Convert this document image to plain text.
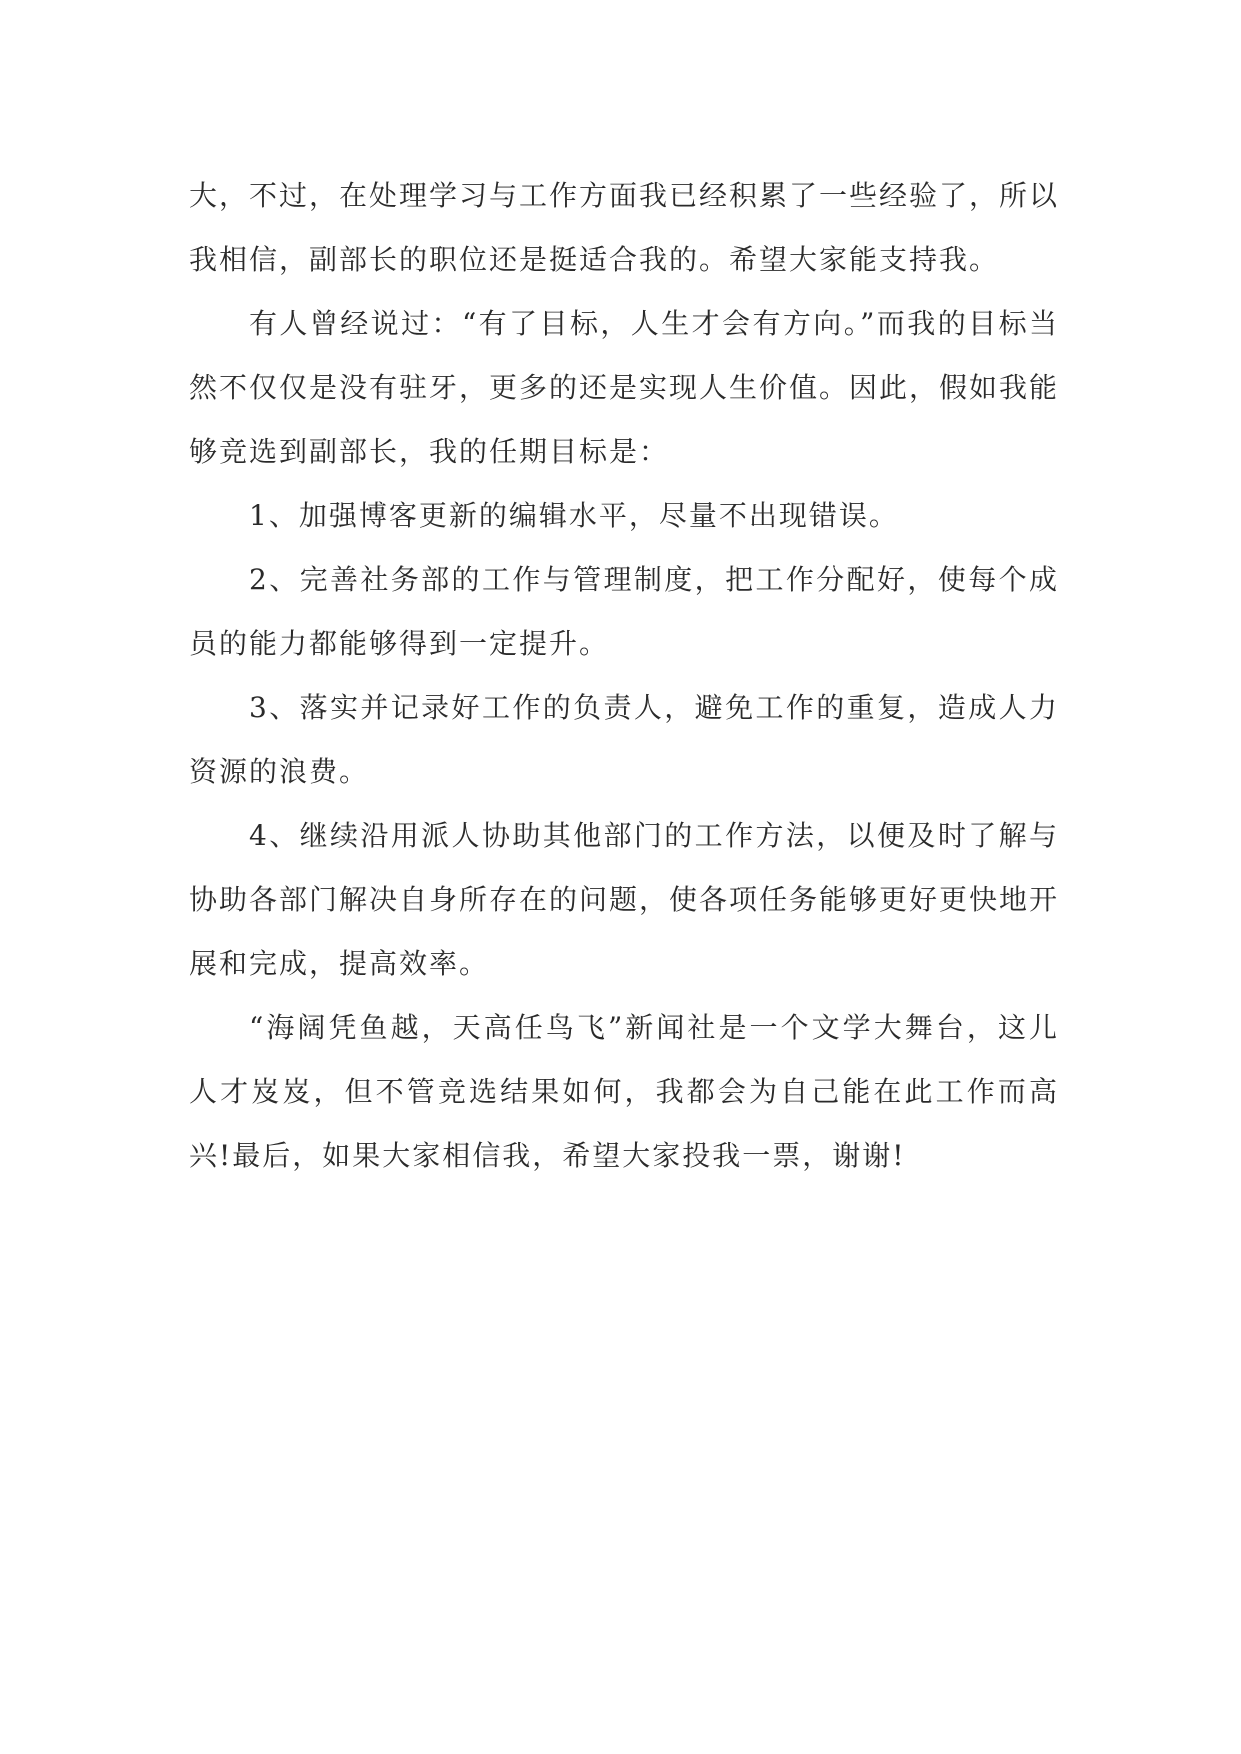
大，不过，在处理学习与工作方面我已经积累了一些经验了，所以我相信，副部长的职位还是挺适合我的。希望大家能支持我。

有人曾经说过：“有了目标，人生才会有方向。”而我的目标当然不仅仅是没有驻牙，更多的还是实现人生价值。因此，假如我能够竞选到副部长，我的任期目标是：

1、加强博客更新的编辑水平，尽量不出现错误。

2、完善社务部的工作与管理制度，把工作分配好，使每个成员的能力都能够得到一定提升。

3、落实并记录好工作的负责人，避免工作的重复，造成人力资源的浪费。

4、继续沿用派人协助其他部门的工作方法，以便及时了解与协助各部门解决自身所存在的问题，使各项任务能够更好更快地开展和完成，提高效率。

“海阔凭鱼越，天高任鸟飞”新闻社是一个文学大舞台，这儿人才岌岌，但不管竞选结果如何，我都会为自己能在此工作而高兴!最后，如果大家相信我，希望大家投我一票，谢谢!
